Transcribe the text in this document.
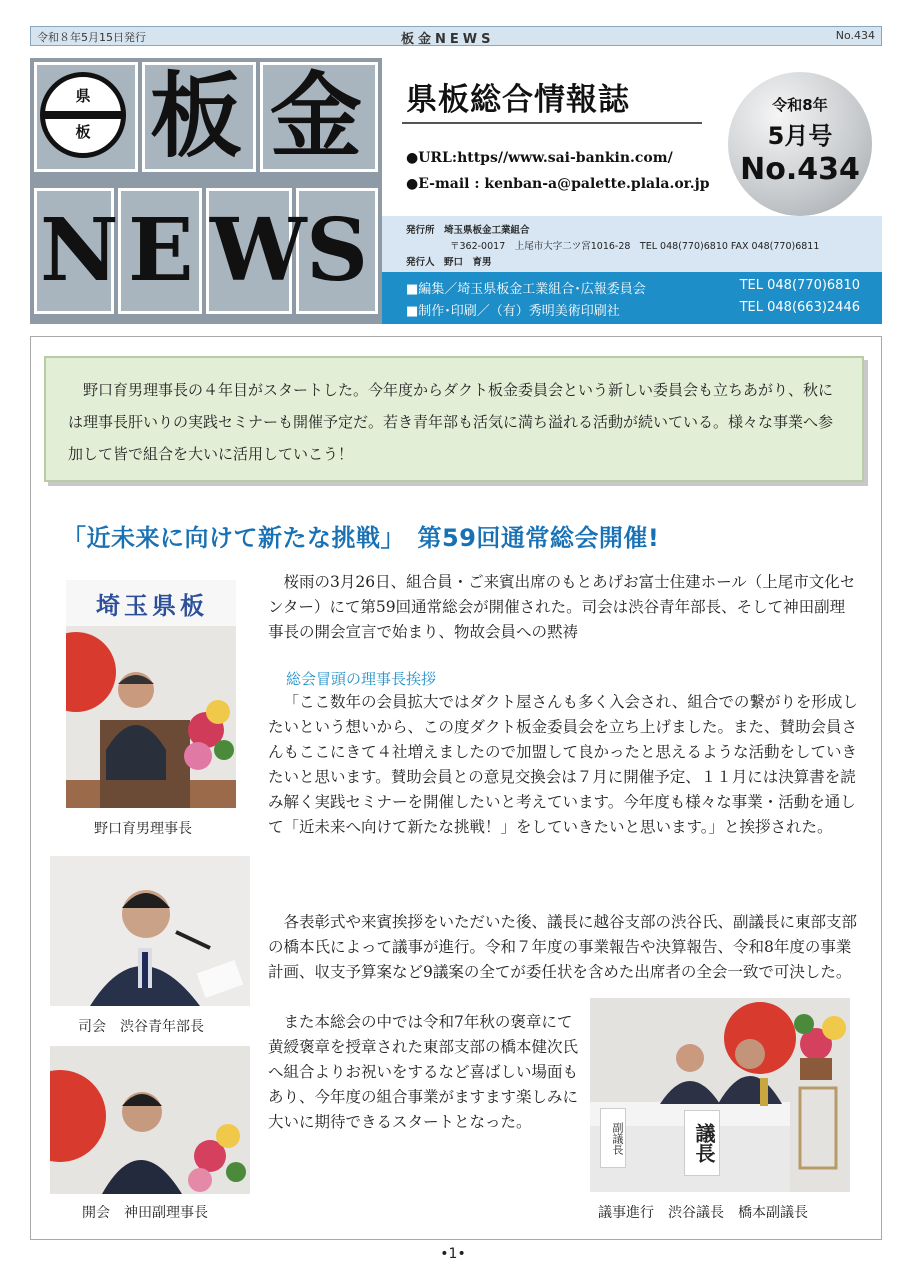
令和８年5月15日発行	板金NEWS	No.434
県
板 板 金
N E W S
県板総合情報誌
●URL:https//www.sai-bankin.com/
●E-mail : kenban-a@palette.plala.or.jp
令和8年
5月号
No.434
発行所　埼玉県板金工業組合
〒362-0017　上尾市大字二ツ宮1016-28　TEL 048(770)6810 FAX 048(770)6811
発行人　野口　育男
■編集／埼玉県板金工業組合･広報委員会	TEL 048(770)6810
■制作･印刷／（有）秀明美術印刷社	TEL 048(663)2446

野口育男理事長の４年目がスタートした。今年度からダクト板金委員会という新しい委員会も立ちあがり、秋には理事長肝いりの実践セミナーも開催予定だ。若き青年部も活気に満ち溢れる活動が続いている。様々な事業へ参加して皆で組合を大いに活用していこう！

「近未来に向けて新たな挑戦」　第59回通常総会開催!
埼玉県板
野口育男理事長
司会　渋谷青年部長
開会　神田副理事長
副議長	議長
議事進行　渋谷議長　橋本副議長

桜雨の3月26日、組合員・ご来賓出席のもとあげお富士住建ホール（上尾市文化センター）にて第59回通常総会が開催された。司会は渋谷青年部長、そして神田副理事長の開会宣言で始まり、物故会員への黙祷

総会冒頭の理事長挨拶

「ここ数年の会員拡大ではダクト屋さんも多く入会され、組合での繋がりを形成したいという想いから、この度ダクト板金委員会を立ち上げました。また、賛助会員さんもここにきて４社増えましたので加盟して良かったと思えるような活動をしていきたいと思います。賛助会員との意見交換会は７月に開催予定、１１月には決算書を読み解く実践セミナーを開催したいと考えています。今年度も様々な事業・活動を通して「近未来へ向けて新たな挑戦！」をしていきたいと思います。」と挨拶された。

各表彰式や来賓挨拶をいただいた後、議長に越谷支部の渋谷氏、副議長に東部支部の橋本氏によって議事が進行。令和７年度の事業報告や決算報告、令和8年度の事業計画、収支予算案など9議案の全てが委任状を含めた出席者の全会一致で可決した。

また本総会の中では令和7年秋の褒章にて黄綬褒章を授章された東部支部の橋本健次氏へ組合よりお祝いをするなど喜ばしい場面もあり、今年度の組合事業がますます楽しみに大いに期待できるスタートとなった。

•1•
